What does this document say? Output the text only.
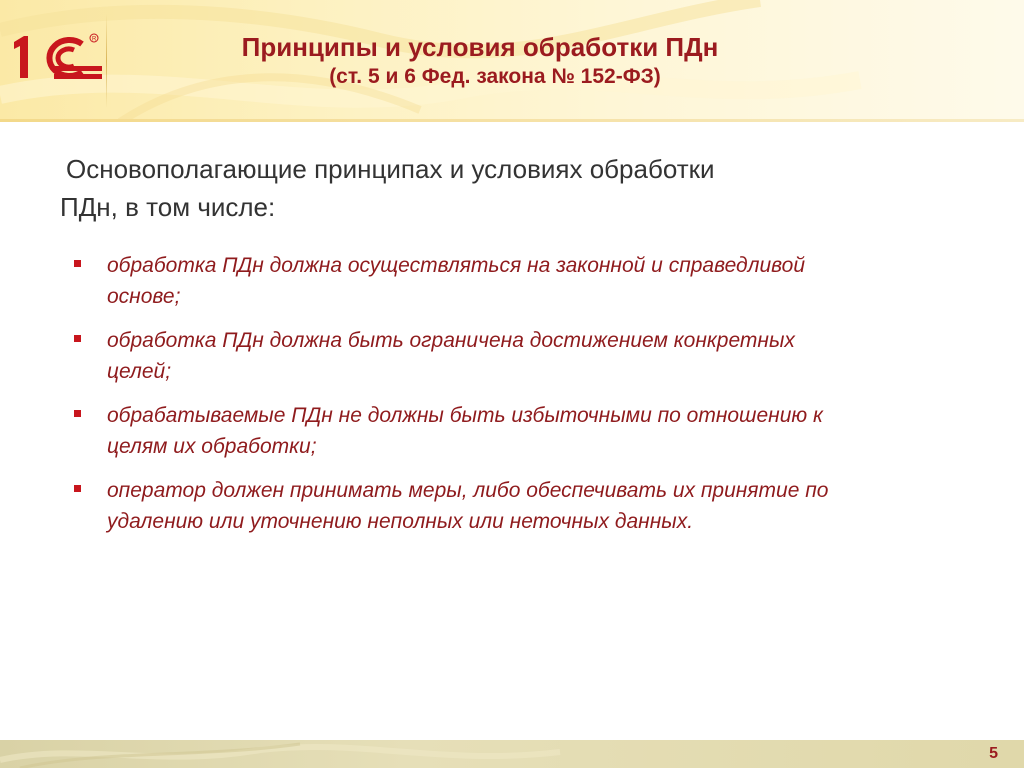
R	Принципы и условия обработки ПДн
(ст. 5 и 6 Фед. закона № 152-ФЗ)

Основополагающие принципах и условиях обработки ПДн, в том числе:

обработка ПДн должна осуществляться на законной и справедливой основе;
обработка ПДн должна быть ограничена достижением конкретных целей;
обрабатываемые ПДн не должны быть избыточными по отношению к целям их обработки;
оператор должен принимать меры, либо обеспечивать их принятие по удалению или уточнению неполных или неточных данных.
5
